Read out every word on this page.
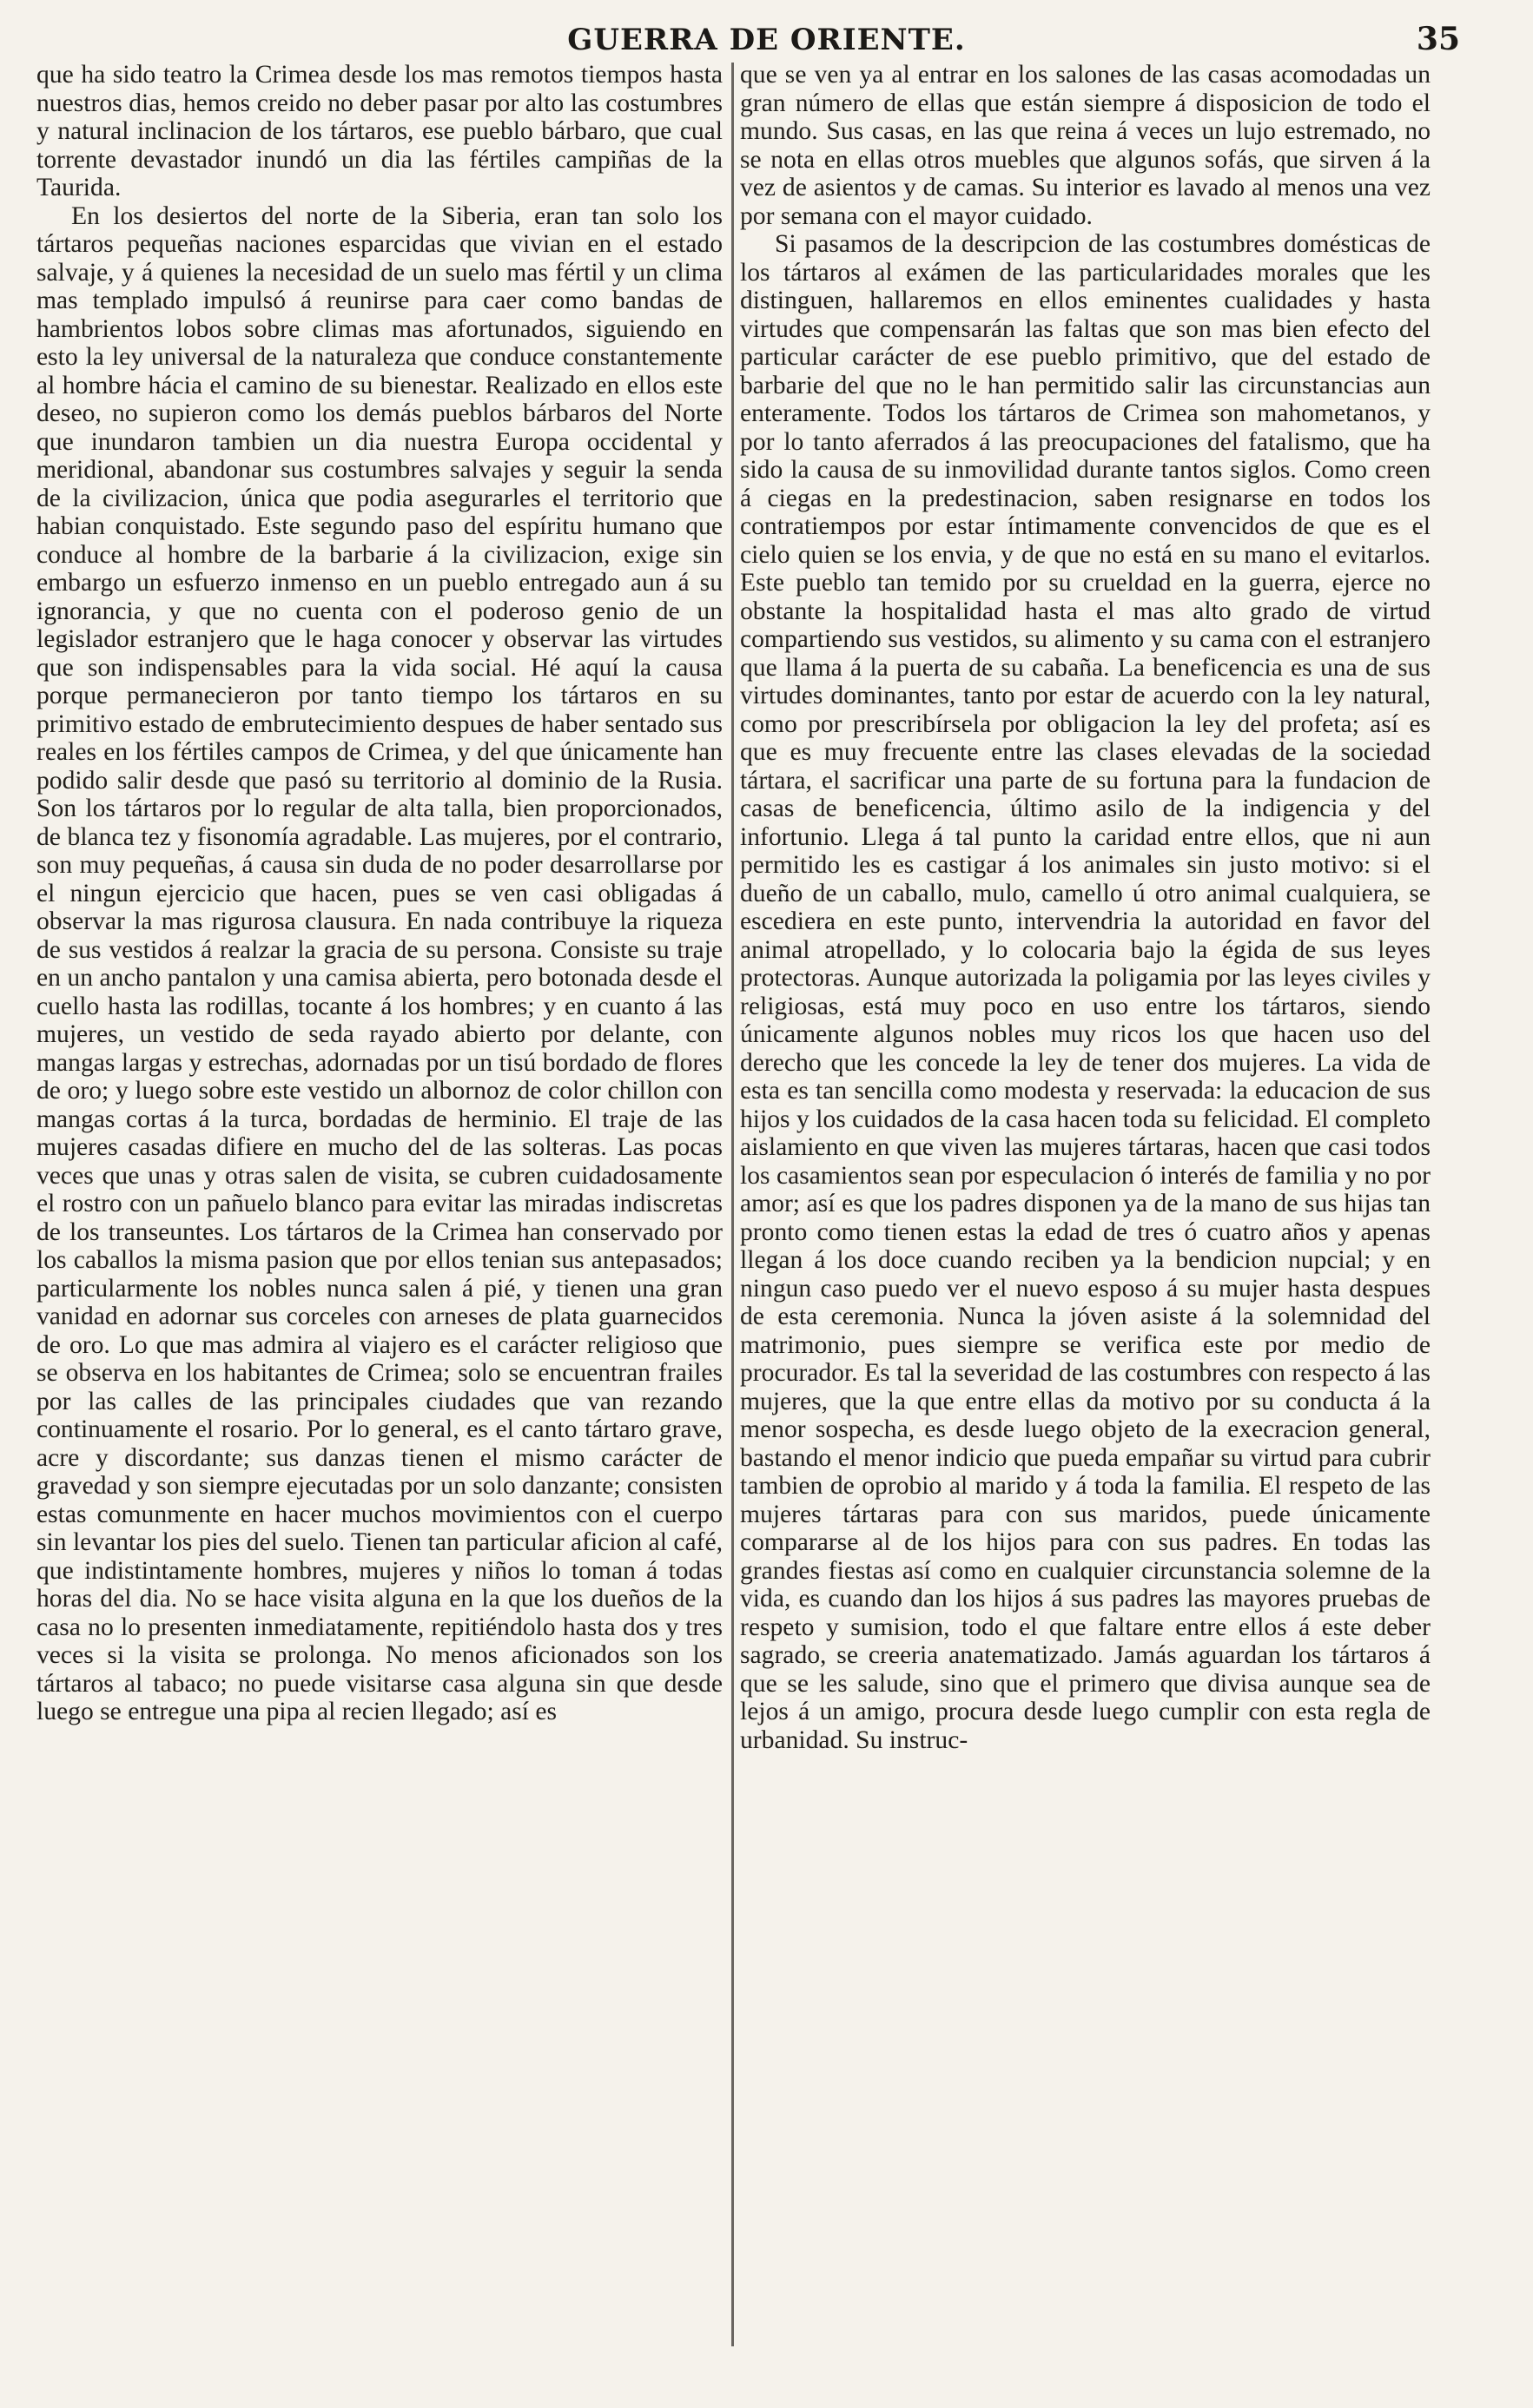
GUERRA DE ORIENTE.	35

que ha sido teatro la Crimea desde los mas remotos tiempos hasta nuestros dias, hemos creido no deber pasar por alto las costumbres y natural inclinacion de los tártaros, ese pueblo bárbaro, que cual torrente devastador inundó un dia las fértiles campiñas de la Taurida.

En los desiertos del norte de la Siberia, eran tan solo los tártaros pequeñas naciones esparcidas que vivian en el estado salvaje, y á quienes la necesidad de un suelo mas fértil y un clima mas templado impulsó á reunirse para caer como bandas de hambrientos lobos sobre climas mas afortunados, siguiendo en esto la ley universal de la naturaleza que conduce constantemente al hombre hácia el camino de su bienestar. Realizado en ellos este deseo, no supieron como los demás pueblos bárbaros del Norte que inundaron tambien un dia nuestra Europa occidental y meridional, abandonar sus costumbres salvajes y seguir la senda de la civilizacion, única que podia asegurarles el territorio que habian conquistado. Este segundo paso del espíritu humano que conduce al hombre de la barbarie á la civilizacion, exige sin embargo un esfuerzo inmenso en un pueblo entregado aun á su ignorancia, y que no cuenta con el poderoso genio de un legislador estranjero que le haga conocer y observar las virtudes que son indispensables para la vida social. Hé aquí la causa porque permanecieron por tanto tiempo los tártaros en su primitivo estado de embrutecimiento despues de haber sentado sus reales en los fértiles campos de Crimea, y del que únicamente han podido salir desde que pasó su territorio al dominio de la Rusia. Son los tártaros por lo regular de alta talla, bien proporcionados, de blanca tez y fisonomía agradable. Las mujeres, por el contrario, son muy pequeñas, á causa sin duda de no poder desarrollarse por el ningun ejercicio que hacen, pues se ven casi obligadas á observar la mas rigurosa clausura. En nada contribuye la riqueza de sus vestidos á realzar la gracia de su persona. Consiste su traje en un ancho pantalon y una camisa abierta, pero botonada desde el cuello hasta las rodillas, tocante á los hombres; y en cuanto á las mujeres, un vestido de seda rayado abierto por delante, con mangas largas y estrechas, adornadas por un tisú bordado de flores de oro; y luego sobre este vestido un albornoz de color chillon con mangas cortas á la turca, bordadas de herminio. El traje de las mujeres casadas difiere en mucho del de las solteras. Las pocas veces que unas y otras salen de visita, se cubren cuidadosamente el rostro con un pañuelo blanco para evitar las miradas indiscretas de los transeuntes. Los tártaros de la Crimea han conservado por los caballos la misma pasion que por ellos tenian sus antepasados; particularmente los nobles nunca salen á pié, y tienen una gran vanidad en adornar sus corceles con arneses de plata guarnecidos de oro. Lo que mas admira al viajero es el carácter religioso que se observa en los habitantes de Crimea; solo se encuentran frailes por las calles de las principales ciudades que van rezando continuamente el rosario. Por lo general, es el canto tártaro grave, acre y discordante; sus danzas tienen el mismo carácter de gravedad y son siempre ejecutadas por un solo danzante; consisten estas comunmente en hacer muchos movimientos con el cuerpo sin levantar los pies del suelo. Tienen tan particular aficion al café, que indistintamente hombres, mujeres y niños lo toman á todas horas del dia. No se hace visita alguna en la que los dueños de la casa no lo presenten inmediatamente, repitiéndolo hasta dos y tres veces si la visita se prolonga. No menos aficionados son los tártaros al tabaco; no puede visitarse casa alguna sin que desde luego se entregue una pipa al recien llegado; así es

que se ven ya al entrar en los salones de las casas acomodadas un gran número de ellas que están siempre á disposicion de todo el mundo. Sus casas, en las que reina á veces un lujo estremado, no se nota en ellas otros muebles que algunos sofás, que sirven á la vez de asientos y de camas. Su interior es lavado al menos una vez por semana con el mayor cuidado.

Si pasamos de la descripcion de las costumbres domésticas de los tártaros al exámen de las particularidades morales que les distinguen, hallaremos en ellos eminentes cualidades y hasta virtudes que compensarán las faltas que son mas bien efecto del particular carácter de ese pueblo primitivo, que del estado de barbarie del que no le han permitido salir las circunstancias aun enteramente. Todos los tártaros de Crimea son mahometanos, y por lo tanto aferrados á las preocupaciones del fatalismo, que ha sido la causa de su inmovilidad durante tantos siglos. Como creen á ciegas en la predestinacion, saben resignarse en todos los contratiempos por estar íntimamente convencidos de que es el cielo quien se los envia, y de que no está en su mano el evitarlos. Este pueblo tan temido por su crueldad en la guerra, ejerce no obstante la hospitalidad hasta el mas alto grado de virtud compartiendo sus vestidos, su alimento y su cama con el estranjero que llama á la puerta de su cabaña. La beneficencia es una de sus virtudes dominantes, tanto por estar de acuerdo con la ley natural, como por prescribírsela por obligacion la ley del profeta; así es que es muy frecuente entre las clases elevadas de la sociedad tártara, el sacrificar una parte de su fortuna para la fundacion de casas de beneficencia, último asilo de la indigencia y del infortunio. Llega á tal punto la caridad entre ellos, que ni aun permitido les es castigar á los animales sin justo motivo: si el dueño de un caballo, mulo, camello ú otro animal cualquiera, se escediera en este punto, intervendria la autoridad en favor del animal atropellado, y lo colocaria bajo la égida de sus leyes protectoras. Aunque autorizada la poligamia por las leyes civiles y religiosas, está muy poco en uso entre los tártaros, siendo únicamente algunos nobles muy ricos los que hacen uso del derecho que les concede la ley de tener dos mujeres. La vida de esta es tan sencilla como modesta y reservada: la educacion de sus hijos y los cuidados de la casa hacen toda su felicidad. El completo aislamiento en que viven las mujeres tártaras, hacen que casi todos los casamientos sean por especulacion ó interés de familia y no por amor; así es que los padres disponen ya de la mano de sus hijas tan pronto como tienen estas la edad de tres ó cuatro años y apenas llegan á los doce cuando reciben ya la bendicion nupcial; y en ningun caso puedo ver el nuevo esposo á su mujer hasta despues de esta ceremonia. Nunca la jóven asiste á la solemnidad del matrimonio, pues siempre se verifica este por medio de procurador. Es tal la severidad de las costumbres con respecto á las mujeres, que la que entre ellas da motivo por su conducta á la menor sospecha, es desde luego objeto de la execracion general, bastando el menor indicio que pueda empañar su virtud para cubrir tambien de oprobio al marido y á toda la familia. El respeto de las mujeres tártaras para con sus maridos, puede únicamente compararse al de los hijos para con sus padres. En todas las grandes fiestas así como en cualquier circunstancia solemne de la vida, es cuando dan los hijos á sus padres las mayores pruebas de respeto y sumision, todo el que faltare entre ellos á este deber sagrado, se creeria anatematizado. Jamás aguardan los tártaros á que se les salude, sino que el primero que divisa aunque sea de lejos á un amigo, procura desde luego cumplir con esta regla de urbanidad. Su instruc-
